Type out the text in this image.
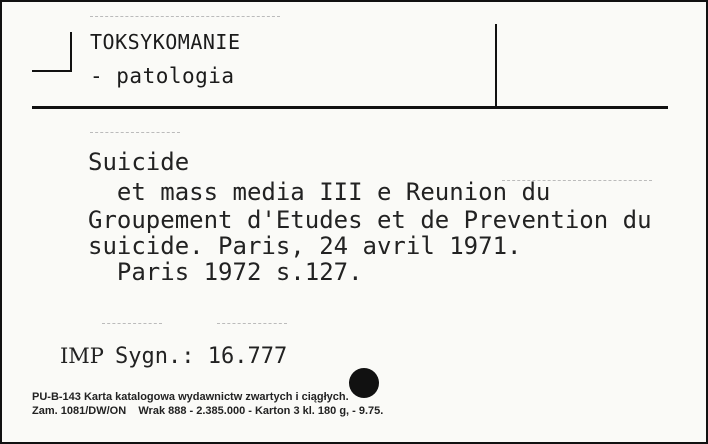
TOKSYKOMANIE
- patologia
Suicide
et mass media III e Reunion du
Groupement d'Etudes et de Prevention du
suicide. Paris, 24 avril 1971.
Paris 1972 s.127.
IMP Sygn.: 16.777
PU-B-143 Karta katalogowa wydawnictw zwartych i ciągłych.
Zam. 1081/DW/ON    Wrak 888 - 2.385.000 - Karton 3 kl. 180 g, - 9.75.
